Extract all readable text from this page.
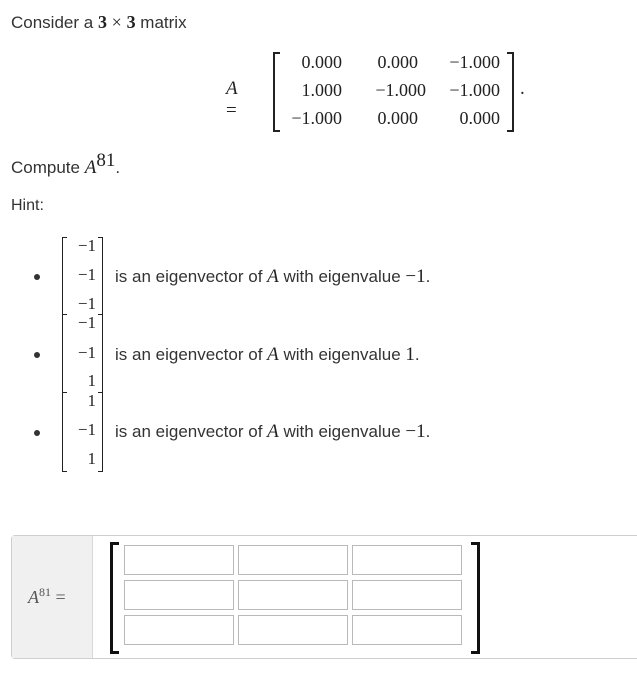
Consider a 3 × 3 matrix
A =
0.000	0.000	−1.000
1.000	−1.000	−1.000
−1.000	0.000	0.000
.
Compute $A^{81}$.
Hint:
−1
−1
−1
is an eigenvector of A with eigenvalue −1.
−1
−1
1
is an eigenvector of A with eigenvalue 1.
1
−1
1
is an eigenvector of A with eigenvalue −1.
$A^{81}$ =
